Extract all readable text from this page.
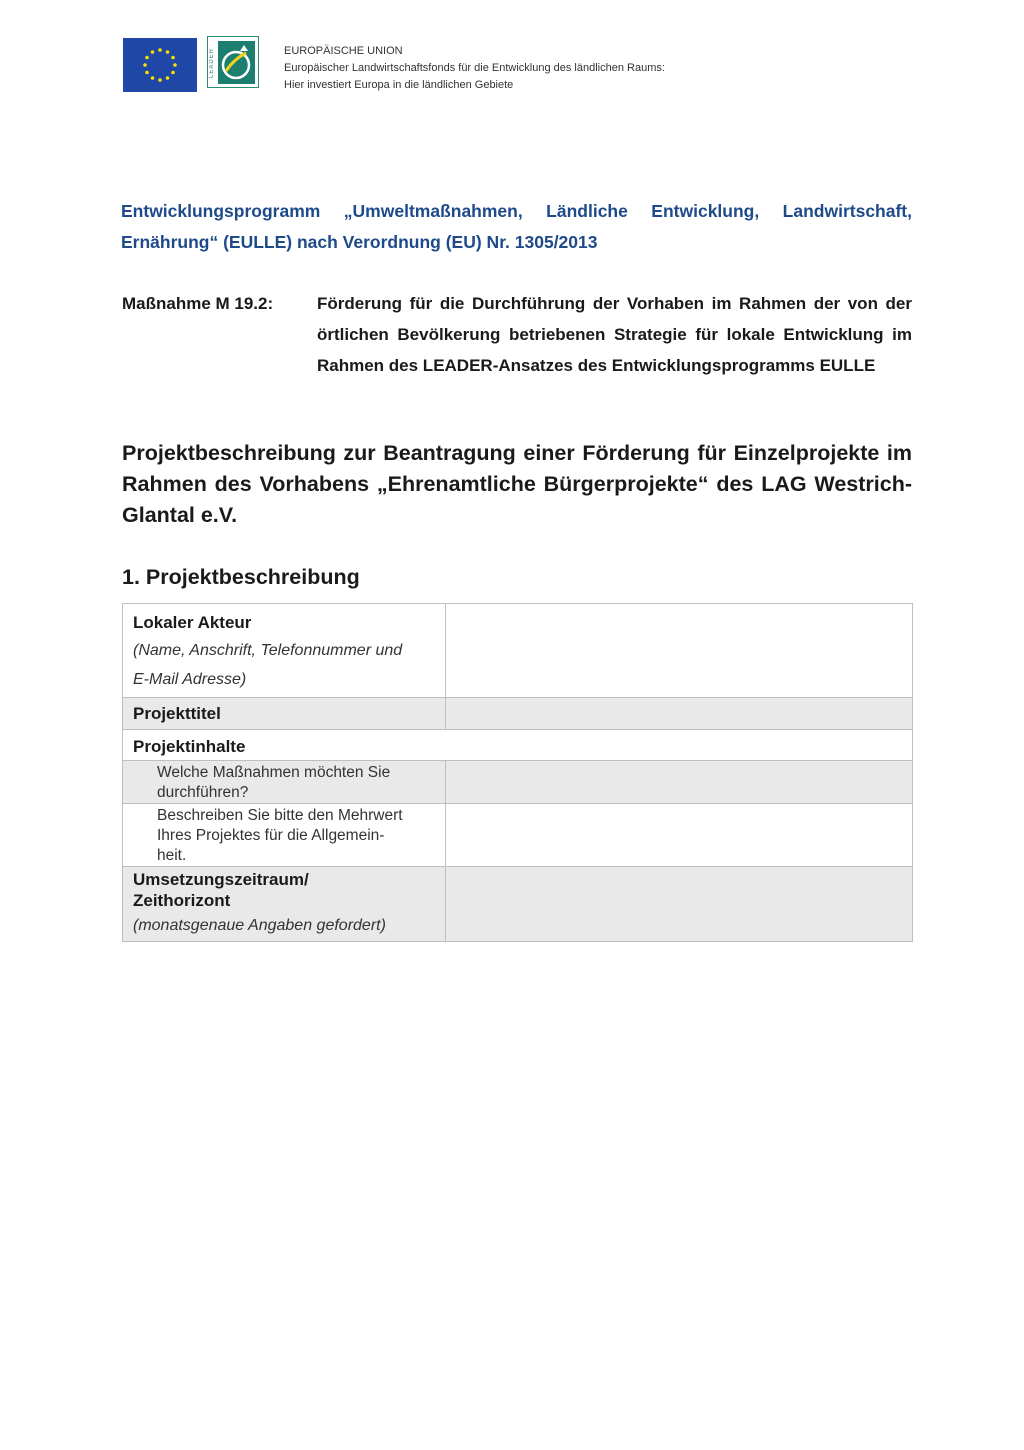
LEADER	EUROPÄISCHE UNION
Europäischer Landwirtschaftsfonds für die Entwicklung des ländlichen Raums:
Hier investiert Europa in die ländlichen Gebiete
Entwicklungsprogramm „Umweltmaßnahmen, Ländliche Entwicklung, Landwirtschaft, Ernährung“ (EULLE) nach Verordnung (EU) Nr. 1305/2013
Maßnahme M 19.2:	Förderung für die Durchführung der Vorhaben im Rahmen der von der örtlichen Bevölkerung betriebenen Strategie für lokale Entwicklung im Rahmen des LEADER-Ansatzes des Entwicklungsprogramms EULLE
Projektbeschreibung zur Beantragung einer Förderung für Einzelprojekte im Rahmen des Vorhabens „Ehrenamtliche Bürgerprojekte“ des LAG Westrich-Glantal e.V.
1. Projektbeschreibung
Lokaler Akteur
(Name, Anschrift, Telefonnummer und
E-Mail Adresse)	

Projekttitel	

Projektinhalte	

Welche Maßnahmen möchten Sie
durchführen?	

Beschreiben Sie bitte den Mehrwert
Ihres Projektes für die Allgemein-
heit.	

Umsetzungszeitraum/
Zeithorizont
(monatsgenaue Angaben gefordert)	
